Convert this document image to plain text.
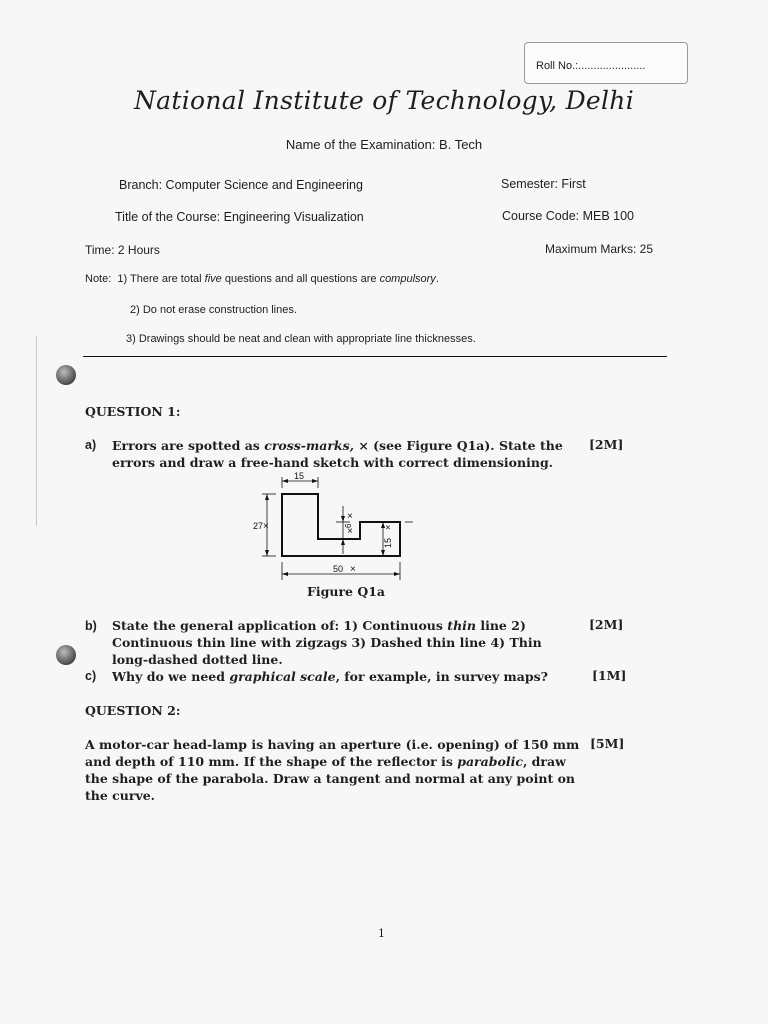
Roll No.:......................
National Institute of Technology, Delhi
Name of the Examination: B. Tech
Branch: Computer Science and Engineering	Semester: First
Title of the Course: Engineering Visualization	Course Code: MEB 100
Time: 2 Hours	Maximum Marks: 25
Note: 1) There are total five questions and all questions are compulsory.
2) Do not erase construction lines.
3) Drawings should be neat and clean with appropriate line thicknesses.
QUESTION 1:
a) Errors are spotted as cross-marks, × (see Figure Q1a). State the errors and draw a free-hand sketch with correct dimensioning.
[2M]
15
27 ×
50 ×
×
×
6
15
×
Figure Q1a
b) State the general application of: 1) Continuous thin line 2) Continuous thin line with zigzags 3) Dashed thin line 4) Thin long-dashed dotted line.
[2M]
c) Why do we need graphical scale, for example, in survey maps?	[1M]
QUESTION 2:
A motor-car head-lamp is having an aperture (i.e. opening) of 150 mm and depth of 110 mm. If the shape of the reflector is parabolic, draw the shape of the parabola. Draw a tangent and normal at any point on the curve.
[5M]
1
